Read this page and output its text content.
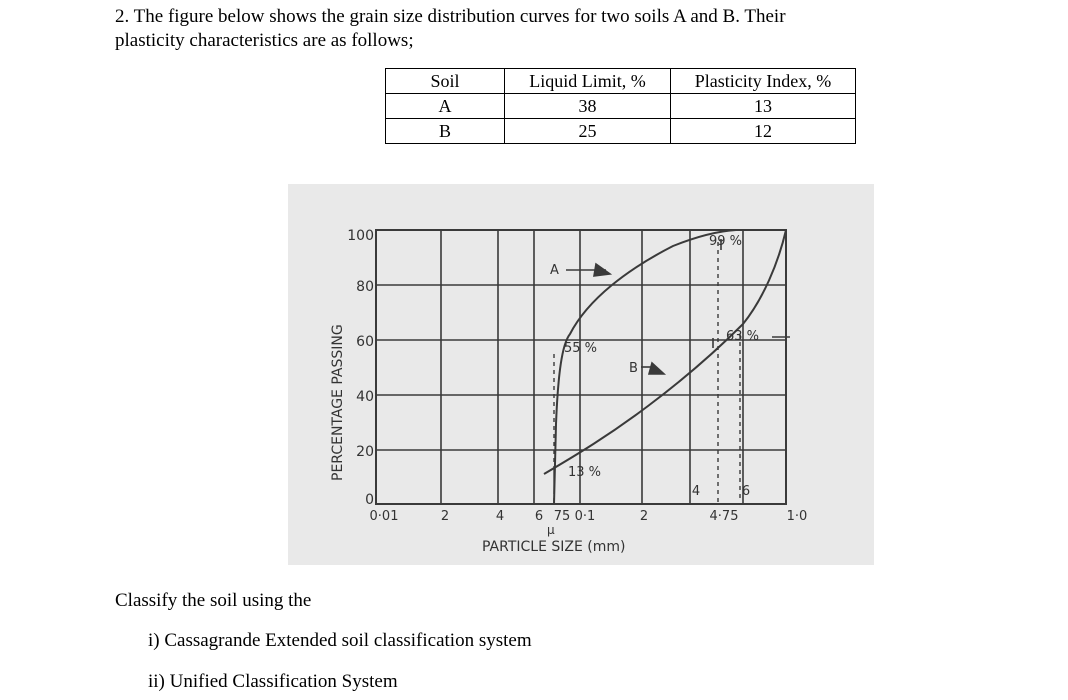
2. The figure below shows the grain size distribution curves for two soils A and B. Their

plasticity characteristics are as follows;

Soil	Liquid Limit, %	Plasticity Index, %
A	38	13
B	25	12
100
80
60
40
20
0
0·01	2	4 6 75 0·1	2
4	6
4·75	1·0
μ
PARTICLE SIZE (mm)
PERCENTAGE PASSING
A
B
99 %
63 %
55 %
13 %
Classify the soil using the
i) Cassagrande Extended soil classification system
ii) Unified Classification System
